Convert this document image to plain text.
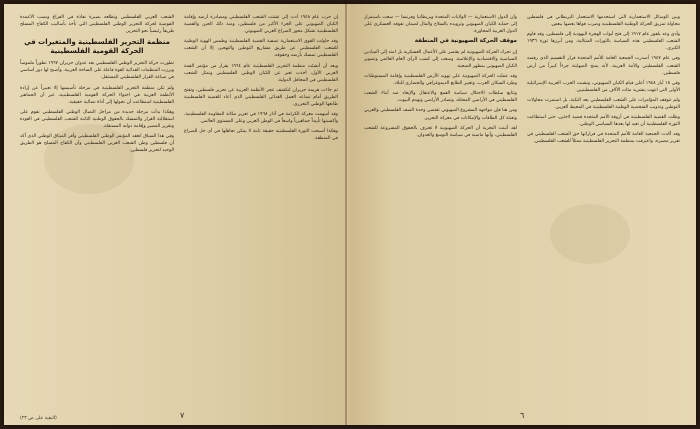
إن حرب عام ١٩٤٨ أدت إلى تشتت الشعب الفلسطيني ومصادرة أرضه وإقامة الكيان الصهيوني على الجزء الأكبر من فلسطين، ومنذ ذلك الحين والقضية الفلسطينية تشكل محور الصراع العربي الصهيوني.

وقد حاولت القوى الاستعمارية تصفية القضية الفلسطينية وطمس الهوية الوطنية للشعب الفلسطيني عن طريق مشاريع التوطين والتهجير، إلا أن الشعب الفلسطيني تمسك بأرضه وحقوقه.

وبعد أن أنشئت منظمة التحرير الفلسطينية عام ١٩٦٤ بقرار من مؤتمر القمة العربي الأول، أخذت تعبر عن الكيان الوطني الفلسطيني وتمثل الشعب الفلسطيني في المحافل الدولية.

ثم جاءت هزيمة حزيران لتكشف عجز الأنظمة العربية عن تحرير فلسطين، وتفتح الطريق أمام تصاعد العمل الفدائي الفلسطيني الذي أعاد للقضية الفلسطينية طابعها الوطني التحرري.

وقد أسهمت معركة الكرامة في آذار ١٩٦٨ في تعزيز مكانة المقاومة الفلسطينية، وأكسبتها تأييداً جماهيرياً واسعاً في الوطن العربي وعلى المستوى العالمي.

وهكذا أصبحت الثورة الفلسطينية حقيقة ثابتة لا يمكن تجاهلها في أي حل للصراع في المنطقة.

الشعب العربي الفلسطيني وتطلعه بصيرة نفاذة في الفراغ ونصب الأعمدة الفوضية لحركة التحرير الوطني الفلسطيني التي تأخذ بأساليب الكفاح المسلح طريقاً رئيسياً نحو التحرير.

منظمة التحرير الفلسطينية والمتغيرات في الحركة القومية الفلسطينية

تطورت حركة التحرير الوطني الفلسطيني بعد عدوان حزيران ١٩٦٧ تطوراً ملموساً وبرزت المنظمات الفدائية كقوة فاعلة على الساحة العربية، وأصبح لها دور أساسي في صياغة القرار الفلسطيني المستقل.

ولم تكن منظمة التحرير الفلسطينية في مرحلة تأسيسها إلا تعبيراً عن إرادة الأنظمة العربية في احتواء الحركة القومية الفلسطينية، غير أن الجماهير الفلسطينية استطاعت أن تحولها إلى أداة نضالية حقيقية.

وهكذا بدأت مرحلة جديدة من مراحل النضال الوطني الفلسطيني تقوم على استقلالية القرار والتمسك بالحقوق الوطنية الثابتة للشعب الفلسطيني في العودة وتقرير المصير وإقامة دولته المستقلة.

وفي هذا السياق انعقد المؤتمر الوطني الفلسطيني وأقر الميثاق الوطني الذي أكد أن فلسطين وطن الشعب العربي الفلسطيني وأن الكفاح المسلح هو الطريق الوحيد لتحرير فلسطين.

(البقية على ص ٢٣)	٧

وبين الوسائل الاستعمارية التي استخدمها الاستعمار البريطاني في فلسطين محاولة تمزيق الحركة الوطنية الفلسطينية وضرب قواها بعضها ببعض.

وأدى وعد بلفور عام ١٩١٧ إلى فتح أبواب الهجرة اليهودية إلى فلسطين، وقد قاوم الشعب الفلسطيني هذه السياسة بالثورات المتتالية، ومن أبرزها ثورة ١٩٣٦ الكبرى.

وفي عام ١٩٤٧ أصدرت الجمعية العامة للأمم المتحدة قرار التقسيم الذي رفضه الشعب الفلسطيني والأمة العربية، لأنه يمنح الصهاينة جزءاً كبيراً من أرض فلسطين.

وفي ١٥ أيار ١٩٤٨ أعلن قيام الكيان الصهيوني، ونشبت الحرب العربية الإسرائيلية الأولى التي انتهت بتشريد مئات الآلاف من الفلسطينيين.

ولم تتوقف المؤامرات على الشعب الفلسطيني بعد النكبة، بل استمرت محاولات التوطين وتذويب الشخصية الوطنية الفلسطينية في المحيط العربي.

وظلت القضية الفلسطينية في أروقة الأمم المتحدة قضية لاجئين، حتى استطاعت الثورة الفلسطينية أن تعيد لها بعدها السياسي الوطني.

وقد أكدت الجمعية العامة للأمم المتحدة في قراراتها حق الشعب الفلسطيني في تقرير مصيره، واعترفت بمنظمة التحرير الفلسطينية ممثلاً للشعب الفلسطيني.

وأن الدول الاستعمارية — الولايات المتحدة وبريطانيا وفرنسا — سعت باستمرار إلى حماية الكيان الصهيوني وتزويده بالسلاح والمال لضمان تفوقه العسكري على الدول العربية المجاورة.

موقف الحركة الصهيونية في المنطقة

إن تحرك الحركة الصهيونية لم يقتصر على الأعمال العسكرية بل امتد إلى الميادين السياسية والاقتصادية والإعلامية، وسعت إلى كسب الرأي العام العالمي وتصوير الكيان الصهيوني بمظهر الضحية.

وقد عملت الحركة الصهيونية على تهويد الأرض الفلسطينية وإقامة المستوطنات وطرد السكان العرب، وتغيير الطابع الديموغرافي والحضاري للبلاد.

وتتابع سلطات الاحتلال سياسة القمع والاعتقال والإبعاد ضد أبناء الشعب الفلسطيني في الأراضي المحتلة، وتصادر الأراضي وتهدم البيوت.

ومن هنا فإن مواجهة المشروع الصهيوني تقتضي وحدة الصف الفلسطيني والعربي وتعبئة كل الطاقات والإمكانات في معركة التحرير.

لقد أثبتت التجربة أن الحركة الصهيونية لا تعترف بالحقوق المشروعة للشعب الفلسطيني، وأنها ماضية في سياسة التوسع والعدوان.

٦
